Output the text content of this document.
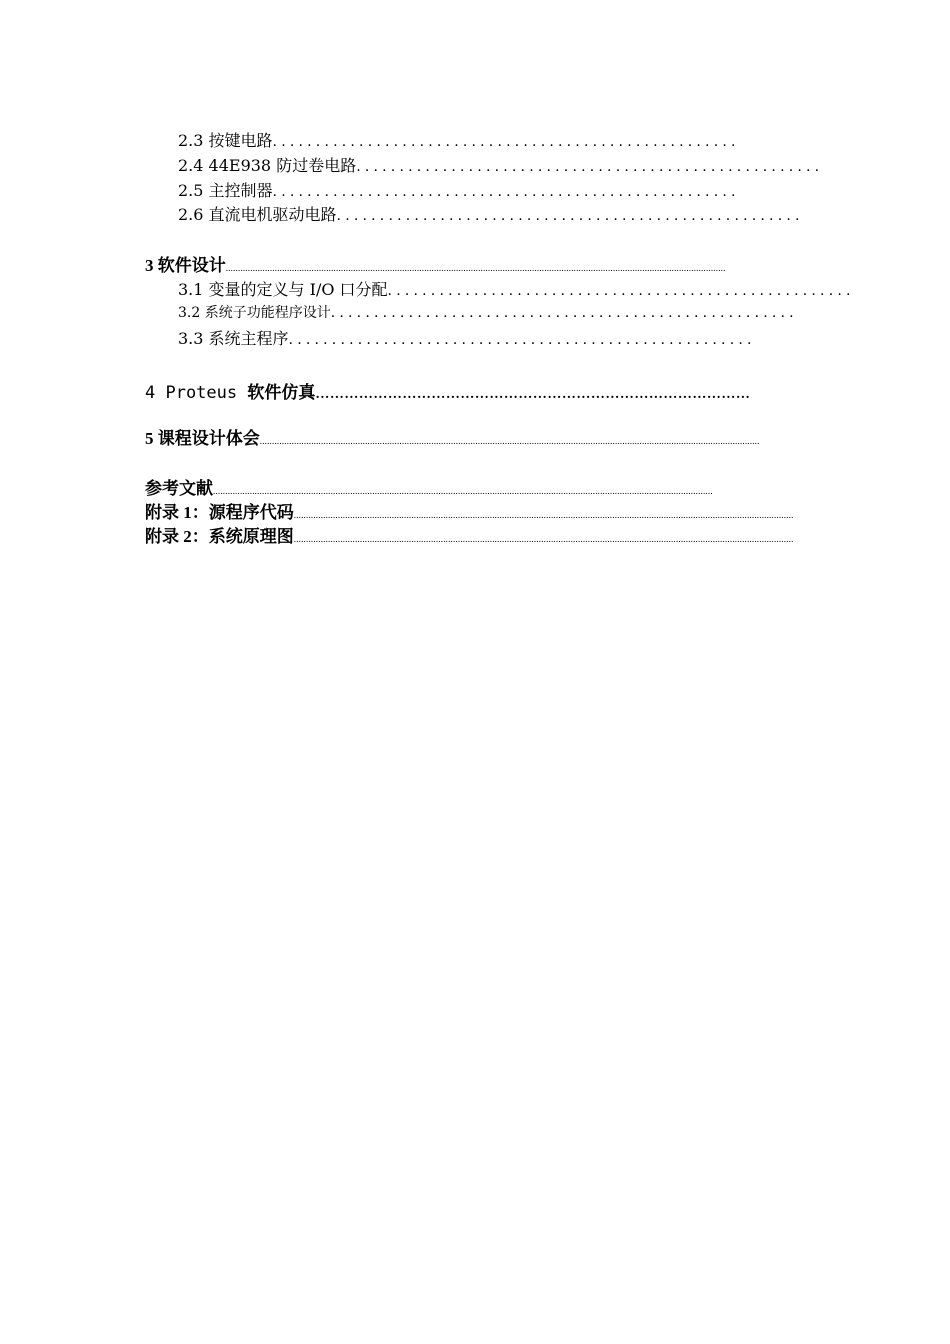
2.3 按键电路 ......................................................
2.4 44E938 防过卷电路 ......................................................
2.5 主控制器 ......................................................
2.6 直流电机驱动电路 ......................................................
3 软件设计 ............................................................................................................................................................................................................
3.1 变量的定义与 I/O 口分配 ......................................................
3.2 系统子功能程序设计 ......................................................
3.3 系统主程序 ......................................................
4 Proteus 软件仿真 ………………………………………………………………………………
5 课程设计体会 ............................................................................................................................................................................................................
参考文献 ............................................................................................................................................................................................................
附录 1：源程序代码 ............................................................................................................................................................................................................
附录 2：系统原理图 ............................................................................................................................................................................................................
